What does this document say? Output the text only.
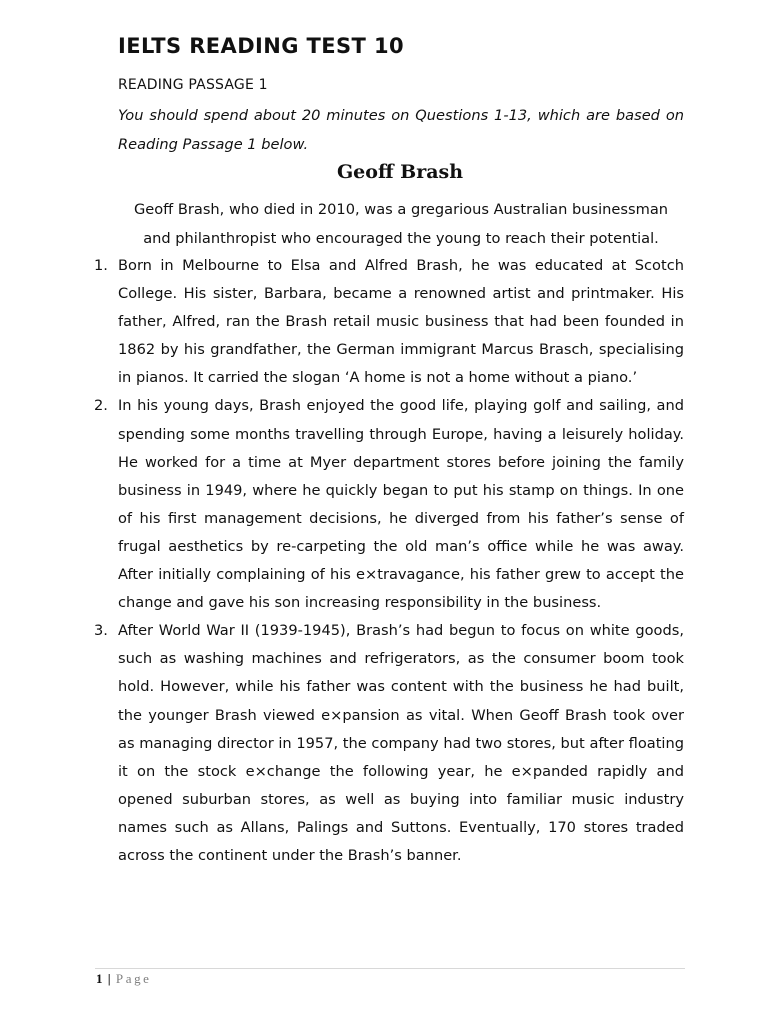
IELTS READING TEST 10
READING PASSAGE 1
You should spend about 20 minutes on Questions 1-13, which are based on Reading Passage 1 below.
Geoff Brash
Geoff Brash, who died in 2010, was a gregarious Australian businessman and philanthropist who encouraged the young to reach their potential.
1. Born in Melbourne to Elsa and Alfred Brash, he was educated at Scotch College. His sister, Barbara, became a renowned artist and printmaker. His father, Alfred, ran the Brash retail music business that had been founded in 1862 by his grandfather, the German immigrant Marcus Brasch, specialising in pianos. It carried the slogan ‘A home is not a home without a piano.’
2. In his young days, Brash enjoyed the good life, playing golf and sailing, and spending some months travelling through Europe, having a leisurely holiday. He worked for a time at Myer department stores before joining the family business in 1949, where he quickly began to put his stamp on things. In one of his first management decisions, he diverged from his father’s sense of frugal aesthetics by re-carpeting the old man’s office while he was away. After initially complaining of his e×travagance, his father grew to accept the change and gave his son increasing responsibility in the business.
3. After World War II (1939-1945), Brash’s had begun to focus on white goods, such as washing machines and refrigerators, as the consumer boom took hold. However, while his father was content with the business he had built, the younger Brash viewed e×pansion as vital. When Geoff Brash took over as managing director in 1957, the company had two stores, but after floating it on the stock e×change the following year, he e×panded rapidly and opened suburban stores, as well as buying into familiar music industry names such as Allans, Palings and Suttons. Eventually, 170 stores traded across the continent under the Brash’s banner.
1 | Page
